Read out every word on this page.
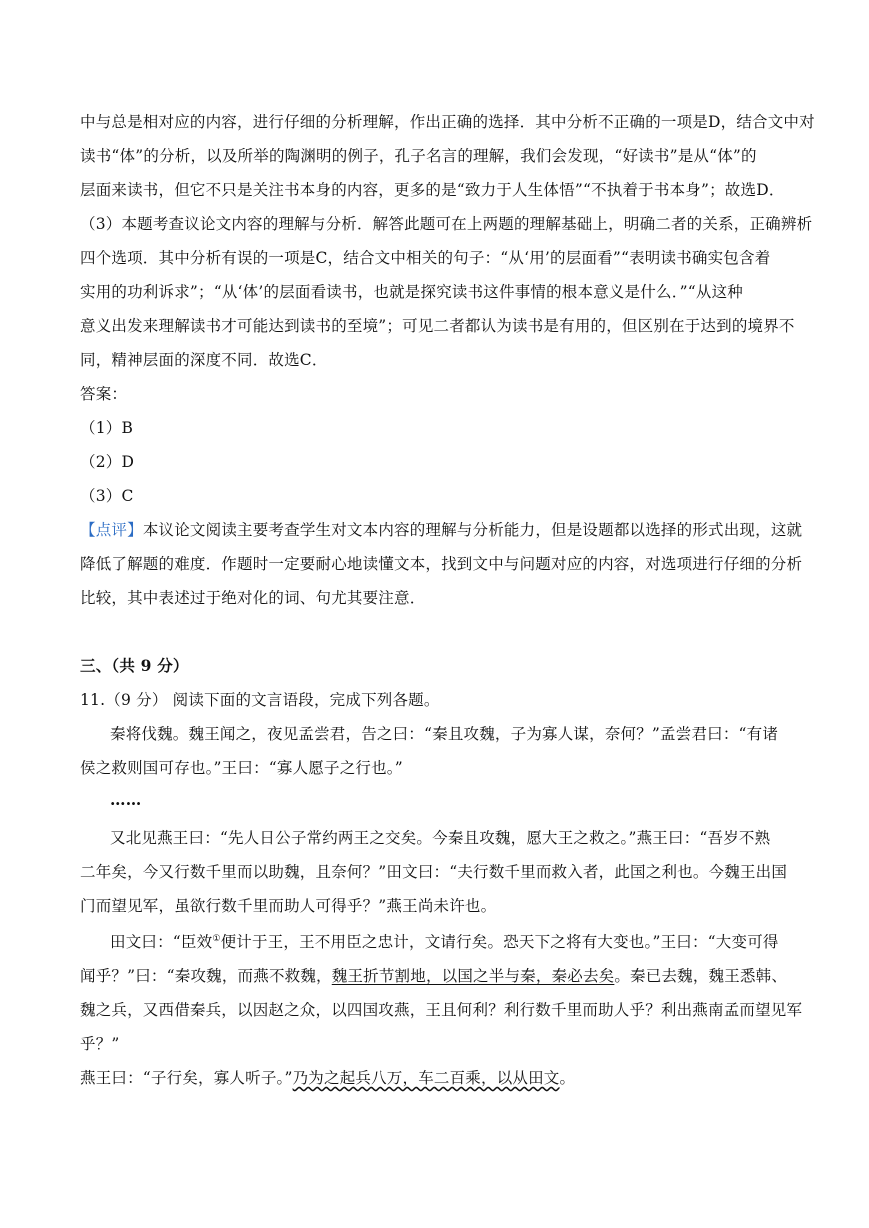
中与总是相对应的内容，进行仔细的分析理解，作出正确的选择．其中分析不正确的一项是D，结合文中对
读书“体”的分析，以及所举的陶渊明的例子，孔子名言的理解，我们会发现，“好读书”是从“体”的
层面来读书，但它不只是关注书本身的内容，更多的是“致力于人生体悟”“不执着于书本身”；故选D．
（3）本题考查议论文内容的理解与分析．解答此题可在上两题的理解基础上，明确二者的关系，正确辨析
四个选项．其中分析有误的一项是C，结合文中相关的句子：“从‘用’的层面看”“表明读书确实包含着
实用的功利诉求”；“从‘体’的层面看读书，也就是探究读书这件事情的根本意义是什么．”“从这种
意义出发来理解读书才可能达到读书的至境”；可见二者都认为读书是有用的，但区别在于达到的境界不
同，精神层面的深度不同．故选C．
答案：
（1）B
（2）D
（3）C
【点评】本议论文阅读主要考查学生对文本内容的理解与分析能力，但是设题都以选择的形式出现，这就
降低了解题的难度．作题时一定要耐心地读懂文本，找到文中与问题对应的内容，对选项进行仔细的分析
比较，其中表述过于绝对化的词、句尤其要注意．
三、（共 9 分）
11.（9 分） 阅读下面的文言语段，完成下列各题。
秦将伐魏。魏王闻之，夜见孟尝君，告之曰：“秦且攻魏，子为寡人谋，奈何？”孟尝君曰：“有诸
侯之救则国可存也。”王曰：“寡人愿子之行也。”
……
又北见燕王曰：“先人日公子常约两王之交矣。今秦且攻魏，愿大王之救之。”燕王曰：“吾岁不熟
二年矣，今又行数千里而以助魏，且奈何？”田文曰：“夫行数千里而救入者，此国之利也。今魏王出国
门而望见军，虽欲行数千里而助人可得乎？”燕王尚未许也。
田文曰：“臣效①便计于王，王不用臣之忠计，文请行矣。恐天下之将有大变也。”王曰：“大变可得
闻乎？”曰：“秦攻魏，而燕不救魏，魏王折节割地，以国之半与秦，秦必去矣。秦已去魏，魏王悉韩、
魏之兵，又西借秦兵，以因赵之众，以四国攻燕，王且何利？利行数千里而助人乎？利出燕南孟而望见军
乎？”
燕王曰：“子行矣，寡人听子。”乃为之起兵八万，车二百乘，以从田文。
